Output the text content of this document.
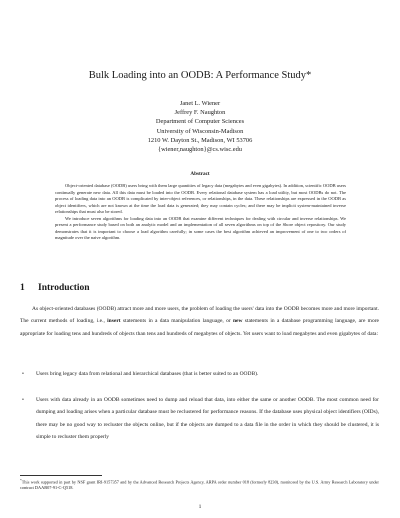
Bulk Loading into an OODB: A Performance Study*
Janet L. Wiener
Jeffrey F. Naughton
Department of Computer Sciences
University of Wisconsin-Madison
1210 W. Dayton St., Madison, WI 53706
{wiener,naughton}@cs.wisc.edu
Abstract

Object-oriented database (OODB) users bring with them large quantities of legacy data (megabytes and even gigabytes). In addition, scientific OODB users continually generate new data. All this data must be loaded into the OODB. Every relational database system has a load utility, but most OODBs do not. The process of loading data into an OODB is complicated by inter-object references, or relationships, in the data. These relationships are expressed in the OODB as object identifiers, which are not known at the time the load data is generated; they may contain cycles; and there may be implicit system-maintained inverse relationships that must also be stored.

We introduce seven algorithms for loading data into an OODB that examine different techniques for dealing with circular and inverse relationships. We present a performance study based on both an analytic model and an implementation of all seven algorithms on top of the Shore object repository. Our study demonstrates that it is important to choose a load algorithm carefully; in some cases the best algorithm achieved an improvement of one to two orders of magnitude over the naive algorithm.

1 Introduction

As object-oriented databases (OODB) attract more and more users, the problem of loading the users' data into the OODB becomes more and more important. The current methods of loading, i.e., insert statements in a data manipulation language, or new statements in a database programming language, are more appropriate for loading tens and hundreds of objects than tens and hundreds of megabytes of objects. Yet users want to load megabytes and even gigabytes of data:

• Users bring legacy data from relational and hierarchical databases (that is better suited to an OODB).
• Users with data already in an OODB sometimes need to dump and reload that data, into either the same or another OODB. The most common need for dumping and loading arises when a particular database must be reclustered for performance reasons. If the database uses physical object identifiers (OIDs), there may be no good way to recluster the objects online, but if the objects are dumped to a data file in the order in which they should be clustered, it is simple to recluster them properly
*This work supported in part by NSF grant IRI-9157357 and by the Advanced Research Projects Agency, ARPA order number 018 (formerly 8230), monitored by the U.S. Army Research Laboratory under contract DAAB07-91-C-Q518.
1
